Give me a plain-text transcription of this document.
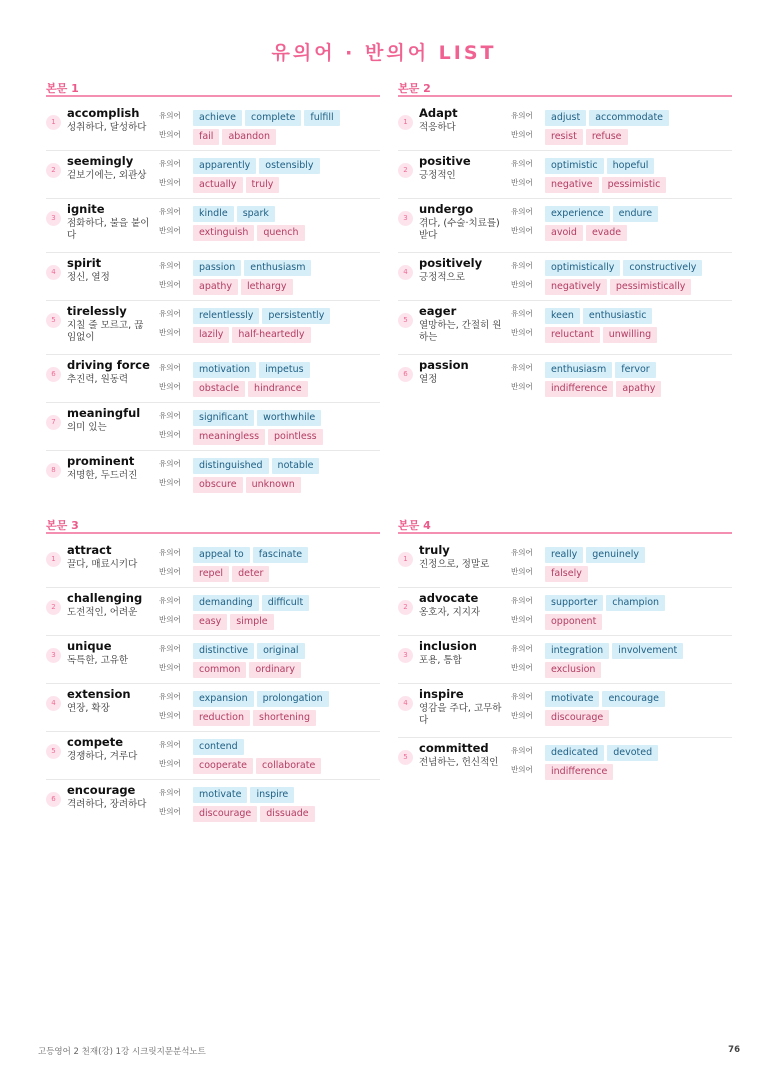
유의어 · 반의어 LIST
본문 1
1
accomplish
성취하다, 달성하다
유의어
반의어
achieve complete fulfill
fail abandon
2
seemingly
겉보기에는, 외관상
유의어
반의어
apparently ostensibly
actually truly
3
ignite
점화하다, 불을 붙이다
유의어
반의어
kindle spark
extinguish quench
4
spirit
정신, 열정
유의어
반의어
passion enthusiasm
apathy lethargy
5
tirelessly
지칠 줄 모르고, 끊임없이
유의어
반의어
relentlessly persistently
lazily half-heartedly
6
driving force
추진력, 원동력
유의어
반의어
motivation impetus
obstacle hindrance
7
meaningful
의미 있는
유의어
반의어
significant worthwhile
meaningless pointless
8
prominent
저명한, 두드러진
유의어
반의어
distinguished notable
obscure unknown
본문 2
1
Adapt
적응하다
유의어
반의어
adjust accommodate
resist refuse
2
positive
긍정적인
유의어
반의어
optimistic hopeful
negative pessimistic
3
undergo
겪다, (수술·치료를) 받다
유의어
반의어
experience endure
avoid evade
4
positively
긍정적으로
유의어
반의어
optimistically constructively
negatively pessimistically
5
eager
열망하는, 간절히 원하는
유의어
반의어
keen enthusiastic
reluctant unwilling
6
passion
열정
유의어
반의어
enthusiasm fervor
indifference apathy
본문 3
1
attract
끌다, 매료시키다
유의어
반의어
appeal to fascinate
repel deter
2
challenging
도전적인, 어려운
유의어
반의어
demanding difficult
easy simple
3
unique
독특한, 고유한
유의어
반의어
distinctive original
common ordinary
4
extension
연장, 확장
유의어
반의어
expansion prolongation
reduction shortening
5
compete
경쟁하다, 겨루다
유의어
반의어
contend
cooperate collaborate
6
encourage
격려하다, 장려하다
유의어
반의어
motivate inspire
discourage dissuade
본문 4
1
truly
진정으로, 정말로
유의어
반의어
really genuinely
falsely
2
advocate
옹호자, 지지자
유의어
반의어
supporter champion
opponent
3
inclusion
포용, 통합
유의어
반의어
integration involvement
exclusion
4
inspire
영감을 주다, 고무하다
유의어
반의어
motivate encourage
discourage
5
committed
전념하는, 헌신적인
유의어
반의어
dedicated devoted
indifference
고등영어 2 천재(강) 1강 시크릿지문분석노트	76
